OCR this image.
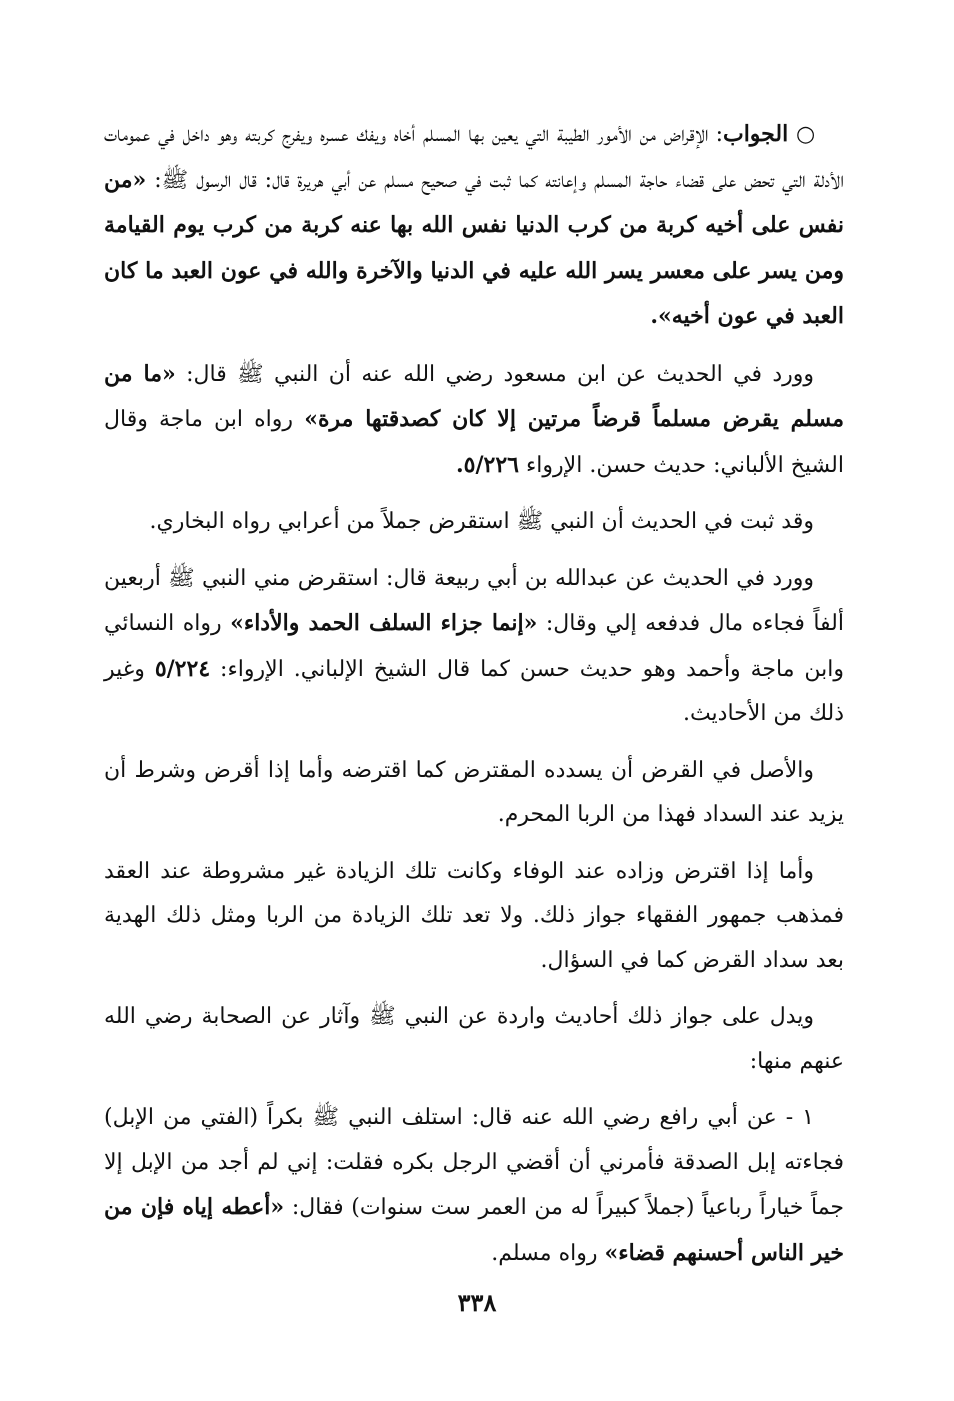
○ الجواب: الإقراض من الأمور الطيبة التي يعين بها المسلم أخاه ويفك عسره ويفرج كربته وهو داخل في عمومات الأدلة التي تحض على قضاء حاجة المسلم وإعانته كما ثبت في صحيح مسلم عن أبي هريرة قال: قال الرسول ﷺ: «من نفس على أخيه كربة من كرب الدنيا نفس الله بها عنه كربة من كرب يوم القيامة ومن يسر على معسر يسر الله عليه في الدنيا والآخرة والله في عون العبد ما كان العبد في عون أخيه».

وورد في الحديث عن ابن مسعود رضي الله عنه أن النبي ﷺ قال: «ما من مسلم يقرض مسلماً قرضاً مرتين إلا كان كصدقتها مرة» رواه ابن ماجة وقال الشيخ الألباني: حديث حسن. الإرواء ٥/٢٢٦.

وقد ثبت في الحديث أن النبي ﷺ استقرض جملاً من أعرابي رواه البخاري.

وورد في الحديث عن عبدالله بن أبي ربيعة قال: استقرض مني النبي ﷺ أربعين ألفاً فجاءه مال فدفعه إلي وقال: «إنما جزاء السلف الحمد والأداء» رواه النسائي وابن ماجة وأحمد وهو حديث حسن كما قال الشيخ الإلباني. الإرواء: ٥/٢٢٤ وغير ذلك من الأحاديث.

والأصل في القرض أن يسدده المقترض كما اقترضه وأما إذا أقرض وشرط أن يزيد عند السداد فهذا من الربا المحرم.

وأما إذا اقترض وزاده عند الوفاء وكانت تلك الزيادة غير مشروطة عند العقد فمذهب جمهور الفقهاء جواز ذلك. ولا تعد تلك الزيادة من الربا ومثل ذلك الهدية بعد سداد القرض كما في السؤال.

ويدل على جواز ذلك أحاديث واردة عن النبي ﷺ وآثار عن الصحابة رضي الله عنهم منها:

١ - عن أبي رافع رضي الله عنه قال: استلف النبي ﷺ بكراً (الفتي من الإبل) فجاءته إبل الصدقة فأمرني أن أقضي الرجل بكره فقلت: إني لم أجد من الإبل إلا جماً خياراً رباعياً (جملاً كبيراً له من العمر ست سنوات) فقال: «أعطه إياه فإن من خير الناس أحسنهم قضاء» رواه مسلم.

٣٣٨
